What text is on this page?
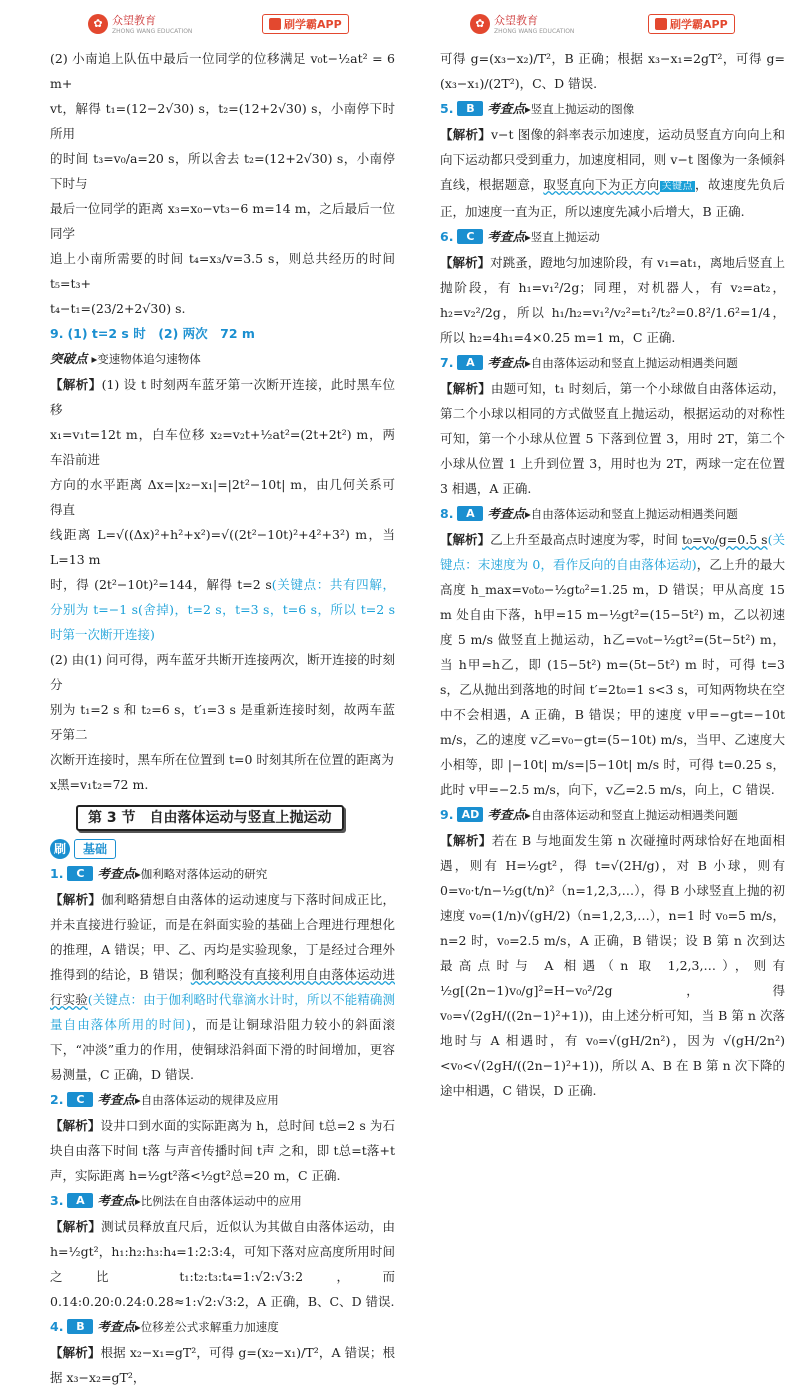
✿ 众望教育
ZHONG WANG EDUCATION
刷学霸APP	✿ 众望教育
ZHONG WANG EDUCATION
刷学霸APP

(2) 小南追上队伍中最后一位同学的位移满足 v₀t−½at² = 6 m+

vt，解得 t₁=(12−2√30) s，t₂=(12+2√30) s，小南停下时所用

的时间 t₃=v₀/a=20 s，所以舍去 t₂=(12+2√30) s，小南停下时与

最后一位同学的距离 x₃=x₀−vt₃−6 m=14 m，之后最后一位同学

追上小南所需要的时间 t₄=x₃/v=3.5 s，则总共经历的时间 t₅=t₃+

t₄−t₁=(23/2+2√30) s.

9. (1) t=2 s 时　(2) 两次　72 m

突破点 ▸变速物体追匀速物体

【解析】(1) 设 t 时刻两车蓝牙第一次断开连接，此时黑车位移

x₁=v₁t=12t m，白车位移 x₂=v₂t+½at²=(2t+2t²) m，两车沿前进

方向的水平距离 Δx=|x₂−x₁|=|2t²−10t| m，由几何关系可得直

线距离 L=√((Δx)²+h²+x²)=√((2t²−10t)²+4²+3²) m，当 L=13 m

时，得 (2t²−10t)²=144，解得 t=2 s(关键点：共有四解，分别为 t=−1 s(舍掉)，t=2 s，t=3 s，t=6 s，所以 t=2 s 时第一次断开连接)

(2) 由(1) 问可得，两车蓝牙共断开连接两次，断开连接的时刻分

别为 t₁=2 s 和 t₂=6 s，t′₁=3 s 是重新连接时刻，故两车蓝牙第二

次断开连接时，黑车所在位置到 t=0 时刻其所在位置的距离为

x黑=v₁t₂=72 m.

第 3 节　自由落体运动与竖直上抛运动
刷	基础

1. C 考查点▸伽利略对落体运动的研究

【解析】伽利略猜想自由落体的运动速度与下落时间成正比，并未直接进行验证，而是在斜面实验的基础上合理进行理想化的推理，A 错误；甲、乙、丙均是实验现象，丁是经过合理外推得到的结论，B 错误；伽利略没有直接利用自由落体运动进行实验(关键点：由于伽利略时代靠滴水计时，所以不能精确测量自由落体所用的时间)，而是让铜球沿阻力较小的斜面滚下，“冲淡”重力的作用，使铜球沿斜面下滑的时间增加，更容易测量，C 正确，D 错误.

2. C 考查点▸自由落体运动的规律及应用

【解析】设井口到水面的实际距离为 h，总时间 t总=2 s 为石块自由落下时间 t落 与声音传播时间 t声 之和，即 t总=t落+t声，实际距离 h=½gt²落<½gt²总=20 m，C 正确.

3. A 考查点▸比例法在自由落体运动中的应用

【解析】测试员释放直尺后，近似认为其做自由落体运动，由 h=½gt²，h₁:h₂:h₃:h₄=1:2:3:4，可知下落对应高度所用时间之比 t₁:t₂:t₃:t₄=1:√2:√3:2，而 0.14:0.20:0.24:0.28≈1:√2:√3:2，A 正确，B、C、D 错误.

4. B 考查点▸位移差公式求解重力加速度

【解析】根据 x₂−x₁=gT²，可得 g=(x₂−x₁)/T²，A 错误；根据 x₃−x₂=gT²，

可得 g=(x₃−x₂)/T²，B 正确；根据 x₃−x₁=2gT²，可得 g=(x₃−x₁)/(2T²)，C、D 错误.

5. B 考查点▸竖直上抛运动的图像

【解析】v−t 图像的斜率表示加速度，运动员竖直方向向上和向下运动都只受到重力，加速度相同，则 v−t 图像为一条倾斜直线，根据题意，取竖直向下为正方向 关键点 ，故速度先负后正，加速度一直为正，所以速度先减小后增大，B 正确.

6. C 考查点▸竖直上抛运动

【解析】对跳蚤，蹬地匀加速阶段，有 v₁=at₁，离地后竖直上抛阶段，有 h₁=v₁²/2g；同理，对机器人，有 v₂=at₂，h₂=v₂²/2g，所以 h₁/h₂=v₁²/v₂²=t₁²/t₂²=0.8²/1.6²=1/4，所以 h₂=4h₁=4×0.25 m=1 m，C 正确.

7. A 考查点▸自由落体运动和竖直上抛运动相遇类问题

【解析】由题可知，t₁ 时刻后，第一个小球做自由落体运动，第二个小球以相同的方式做竖直上抛运动，根据运动的对称性可知，第一个小球从位置 5 下落到位置 3，用时 2T，第二个小球从位置 1 上升到位置 3，用时也为 2T，两球一定在位置 3 相遇，A 正确.

8. A 考查点▸自由落体运动和竖直上抛运动相遇类问题

【解析】乙上升至最高点时速度为零，时间 t₀=v₀/g=0.5 s(关键点：末速度为 0，看作反向的自由落体运动)，乙上升的最大高度 h_max=v₀t₀−½gt₀²=1.25 m，D 错误；甲从高度 15 m 处自由下落，h甲=15 m−½gt²=(15−5t²) m，乙以初速度 5 m/s 做竖直上抛运动，h乙=v₀t−½gt²=(5t−5t²) m，当 h甲=h乙，即 (15−5t²) m=(5t−5t²) m 时，可得 t=3 s，乙从抛出到落地的时间 t′=2t₀=1 s<3 s，可知两物块在空中不会相遇，A 正确，B 错误；甲的速度 v甲=−gt=−10t m/s，乙的速度 v乙=v₀−gt=(5−10t) m/s，当甲、乙速度大小相等，即 |−10t| m/s=|5−10t| m/s 时，可得 t=0.25 s，此时 v甲=−2.5 m/s，向下，v乙=2.5 m/s，向上，C 错误.

9. AD 考查点▸自由落体运动和竖直上抛运动相遇类问题

【解析】若在 B 与地面发生第 n 次碰撞时两球恰好在地面相遇，则有 H=½gt²，得 t=√(2H/g)，对 B 小球，则有 0=v₀·t/n−½g(t/n)²（n=1,2,3,…），得 B 小球竖直上抛的初速度 v₀=(1/n)√(gH/2)（n=1,2,3,…），n=1 时 v₀=5 m/s，n=2 时，v₀=2.5 m/s，A 正确，B 错误；设 B 第 n 次到达最高点时与 A 相遇（n 取 1,2,3,…），则有 ½g[(2n−1)v₀/g]²=H−v₀²/2g，得 v₀=√(2gH/((2n−1)²+1))，由上述分析可知，当 B 第 n 次落地时与 A 相遇时，有 v₀=√(gH/2n²)，因为 √(gH/2n²)<v₀<√(2gH/((2n−1)²+1))，所以 A、B 在 B 第 n 次下降的途中相遇，C 错误，D 正确.
